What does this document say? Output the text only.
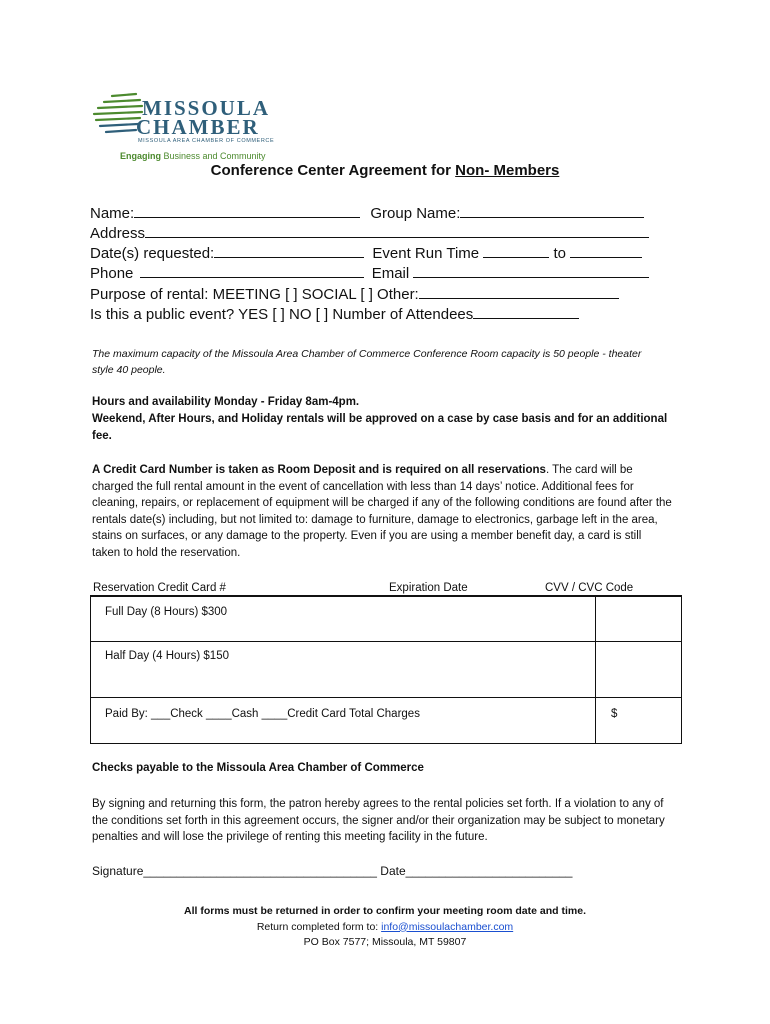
MISSOULA
CHAMBER
MISSOULA AREA CHAMBER OF COMMERCE
Engaging Business and Community
Conference Center Agreement for Non- Members
Name:	Group Name:
Address
Date(s) requested:	Event Run Time	to
Phone	Email
Purpose of rental: MEETING [ ] SOCIAL [ ] Other:
Is this a public event? YES [ ] NO [ ] Number of Attendees
The maximum capacity of the Missoula Area Chamber of Commerce Conference Room capacity is 50 people - theater style 40 people.
Hours and availability Monday - Friday 8am-4pm.
Weekend, After Hours, and Holiday rentals will be approved on a case by case basis and for an additional fee.
A Credit Card Number is taken as Room Deposit and is required on all reservations. The card will be charged the full rental amount in the event of cancellation with less than 14 days’ notice. Additional fees for cleaning, repairs, or replacement of equipment will be charged if any of the following conditions are found after the rentals date(s) including, but not limited to: damage to furniture, damage to electronics, garbage left in the area, stains on surfaces, or any damage to the property. Even if you are using a member benefit day, a card is still taken to hold the reservation.
Reservation Credit Card #	Expiration Date	CVV / CVC Code
Full Day (8 Hours) $300
Half Day (4 Hours) $150
Paid By: ___Check ____Cash ____Credit Card Total Charges	$
Checks payable to the Missoula Area Chamber of Commerce
By signing and returning this form, the patron hereby agrees to the rental policies set forth. If a violation to any of the conditions set forth in this agreement occurs, the signer and/or their organization may be subject to monetary penalties and will lose the privilege of renting this meeting facility in the future.
Signature___________________________________ Date_________________________
All forms must be returned in order to confirm your meeting room date and time.
Return completed form to: info@missoulachamber.com
PO Box 7577; Missoula, MT 59807
